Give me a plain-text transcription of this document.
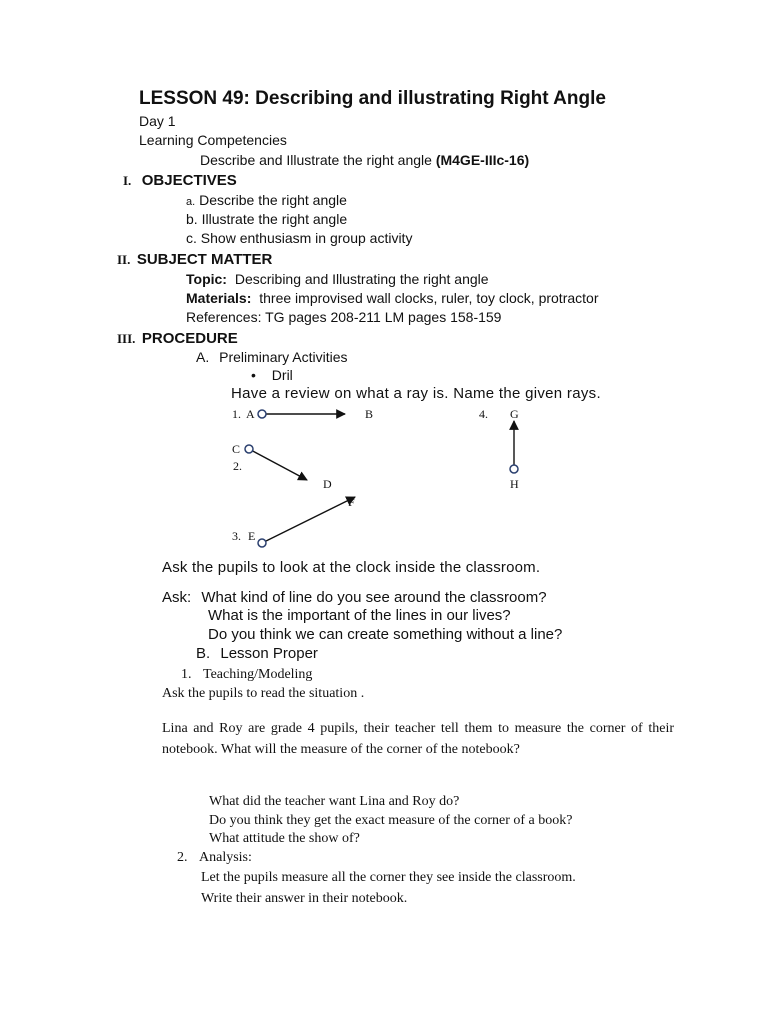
LESSON 49: Describing and illustrating Right Angle
Day 1
Learning Competencies
Describe and Illustrate the right angle (M4GE-IIIc-16)
I. OBJECTIVES
a. Describe the right angle
b. Illustrate the right angle
c. Show enthusiasm in group activity
II. SUBJECT MATTER
Topic: Describing and Illustrating the right angle
Materials: three improvised wall clocks, ruler, toy clock, protractor
References: TG pages 208-211 LM pages 158-159
III. PROCEDURE
A. Preliminary Activities
• Dril
Have a review on what a ray is. Name the given rays.
1. A	B	4. G
H
C
2.
D
F
3. E
Ask the pupils to look at the clock inside the classroom.
Ask: What kind of line do you see around the classroom?
What is the important of the lines in our lives?
Do you think we can create something without a line?
B. Lesson Proper
1. Teaching/Modeling
Ask the pupils to read the situation .
Lina and Roy are grade 4 pupils, their teacher tell them to measure the corner of their notebook. What will the measure of the corner of the notebook?
What did the teacher want Lina and Roy do?
Do you think they get the exact measure of the corner of a book?
What attitude the show of?
2. Analysis:
Let the pupils measure all the corner they see inside the classroom.
Write their answer in their notebook.
